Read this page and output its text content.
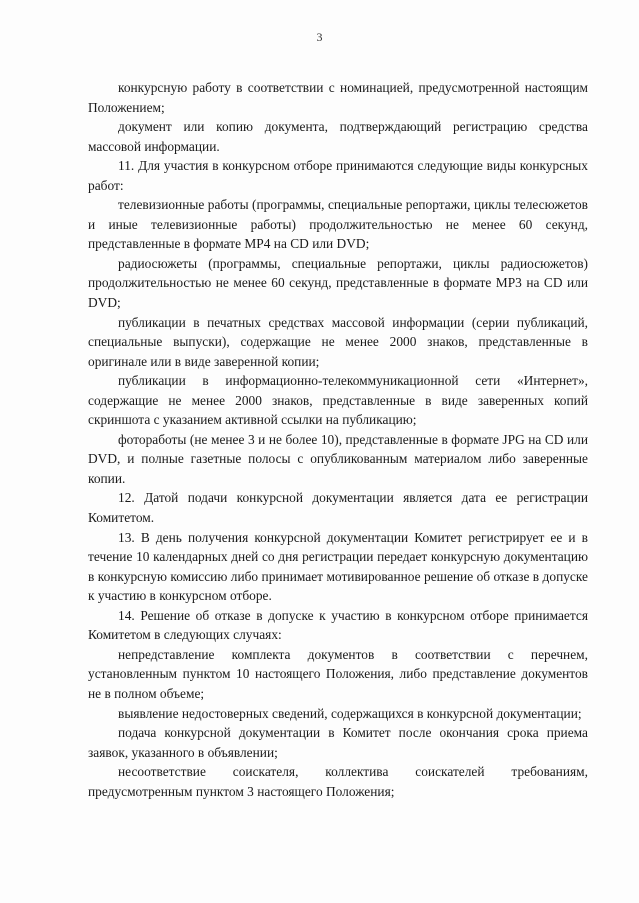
3

конкурсную работу в соответствии с номинацией, предусмотренной настоящим Положением;

документ или копию документа, подтверждающий регистрацию средства массовой информации.

11. Для участия в конкурсном отборе принимаются следующие виды конкурсных работ:

телевизионные работы (программы, специальные репортажи, циклы телесюжетов и иные телевизионные работы) продолжительностью не менее 60 секунд, представленные в формате MP4 на CD или DVD;

радиосюжеты (программы, специальные репортажи, циклы радиосюжетов) продолжительностью не менее 60 секунд, представленные в формате MP3 на CD или DVD;

публикации в печатных средствах массовой информации (серии публикаций, специальные выпуски), содержащие не менее 2000 знаков, представленные в оригинале или в виде заверенной копии;

публикации в информационно-телекоммуникационной сети «Интернет», содержащие не менее 2000 знаков, представленные в виде заверенных копий скриншота с указанием активной ссылки на публикацию;

фоторaботы (не менее 3 и не более 10), представленные в формате JPG на CD или DVD, и полные газетные полосы с опубликованным материалом либо заверенные копии.

12. Датой подачи конкурсной документации является дата ее регистрации Комитетом.

13. В день получения конкурсной документации Комитет регистрирует ее и в течение 10 календарных дней со дня регистрации передает конкурсную документацию в конкурсную комиссию либо принимает мотивированное решение об отказе в допуске к участию в конкурсном отборе.

14. Решение об отказе в допуске к участию в конкурсном отборе принимается Комитетом в следующих случаях:

непредставление комплекта документов в соответствии с перечнем, установленным пунктом 10 настоящего Положения, либо представление документов не в полном объеме;

выявление недостоверных сведений, содержащихся в конкурсной документации;

подача конкурсной документации в Комитет после окончания срока приема заявок, указанного в объявлении;

несоответствие соискателя, коллектива соискателей требованиям, предусмотренным пунктом 3 настоящего Положения;
